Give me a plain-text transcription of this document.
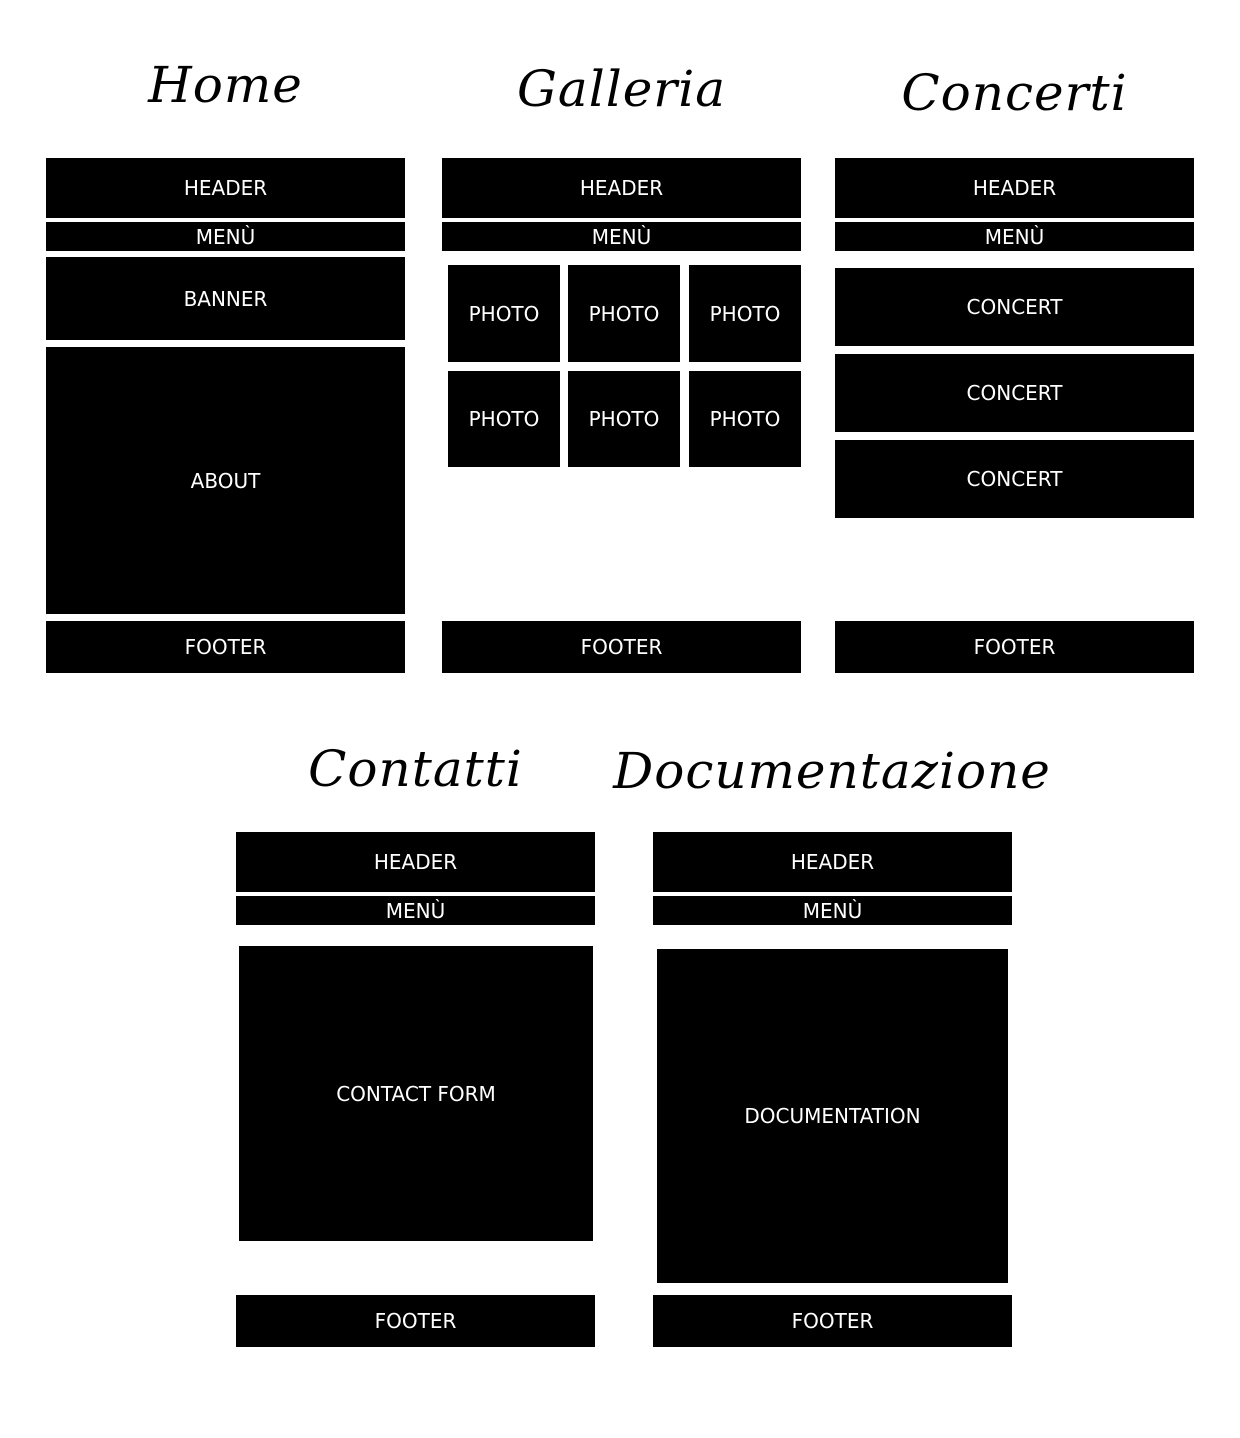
Home
HEADER
MENÙ
BANNER
ABOUT
FOOTER
Galleria
HEADER
MENÙ
PHOTO	PHOTO	PHOTO
PHOTO	PHOTO	PHOTO
FOOTER
Concerti
HEADER
MENÙ
CONCERT
CONCERT
CONCERT
FOOTER
Contatti
HEADER
MENÙ
CONTACT FORM
FOOTER
Documentazione
HEADER
MENÙ
DOCUMENTATION
FOOTER
